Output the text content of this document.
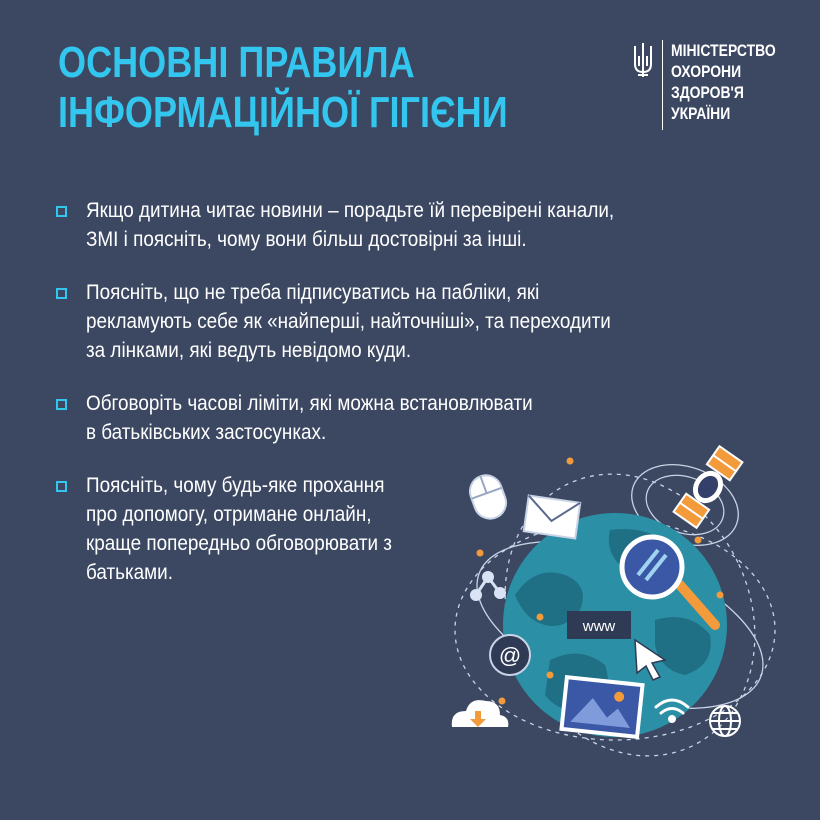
ОСНОВНІ ПРАВИЛА
ІНФОРМАЦІЙНОЇ ГІГІЄНИ
МІНІСТЕРСТВО
ОХОРОНИ
ЗДОРОВ'Я
УКРАЇНИ
Якщо дитина читає новини – порадьте їй перевірені канали,
ЗМІ і поясніть, чому вони більш достовірні за інші.
Поясніть, що не треба підписуватись на пабліки, які
рекламують себе як «найперші, найточніші», та переходити
за лінками, які ведуть невідомо куди.
Обговоріть часові ліміти, які можна встановлювати
в батьківських застосунках.
Поясніть, чому будь-яке прохання
про допомогу, отримане онлайн,
краще попередньо обговорювати з
батьками.
www
@
